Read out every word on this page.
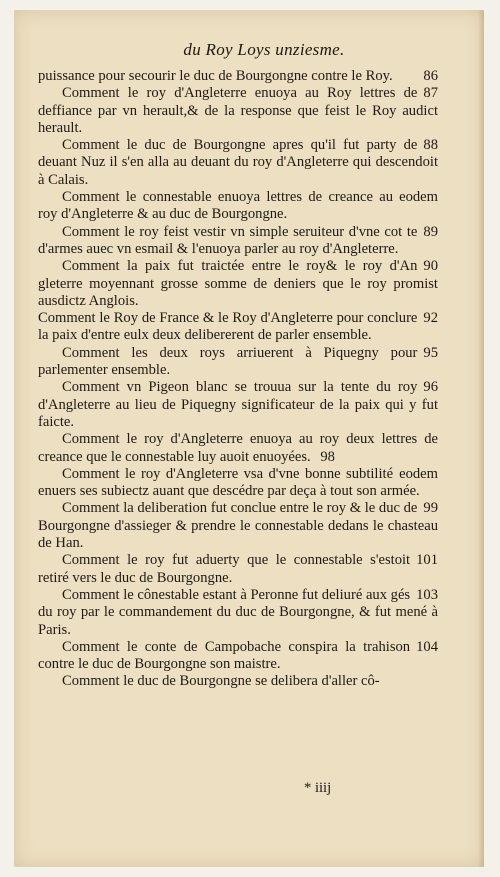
du Roy Loys unziesme.
86
puissance pour secourir le duc de Bourgongne contre le Roy.
87
Comment le roy d'Angleterre enuoya au Roy lettres de deffiance par vn herault,& de la response que feist le Roy audict herault.
88
Comment le duc de Bourgongne apres qu'il fut party de deuant Nuz il s'en alla au deuant du roy d'Angleterre qui descendoit à Calais.
eodem
Comment le connestable enuoya lettres de creance au roy d'Angleterre & au duc de Bourgongne.
89
Comment le roy feist vestir vn simple seruiteur d'vne cot te d'armes auec vn esmail & l'enuoya parler au roy d'Angleterre.
90
Comment la paix fut traictée entre le roy& le roy d'An gleterre moyennant grosse somme de deniers que le roy promist ausdictz Anglois.
92
Comment le Roy de France & le Roy d'Angleterre pour conclure la paix d'entre eulx deux delibererent de parler ensemble.
95
Comment les deux roys arriuerent à Piquegny pour parlementer ensemble.
96
Comment vn Pigeon blanc se trouua sur la tente du roy d'Angleterre au lieu de Piquegny significateur de la paix qui y fut faicte.
Comment le roy d'Angleterre enuoya au roy deux lettres de creance que le connestable luy auoit enuoyées. 98
eodem
Comment le roy d'Angleterre vsa d'vne bonne subtilité enuers ses subiectz auant que descédre par deça à tout son armée.
99
Comment la deliberation fut conclue entre le roy & le duc de Bourgongne d'assieger & prendre le connestable dedans le chasteau de Han.
101
Comment le roy fut aduerty que le connestable s'estoit retiré vers le duc de Bourgongne.
103
Comment le cônestable estant à Peronne fut deliuré aux gés du roy par le commandement du duc de Bourgongne, & fut mené à Paris.
104
Comment le conte de Campobache conspira la trahison contre le duc de Bourgongne son maistre.
Comment le duc de Bourgongne se delibera d'aller cô-
* iiij
